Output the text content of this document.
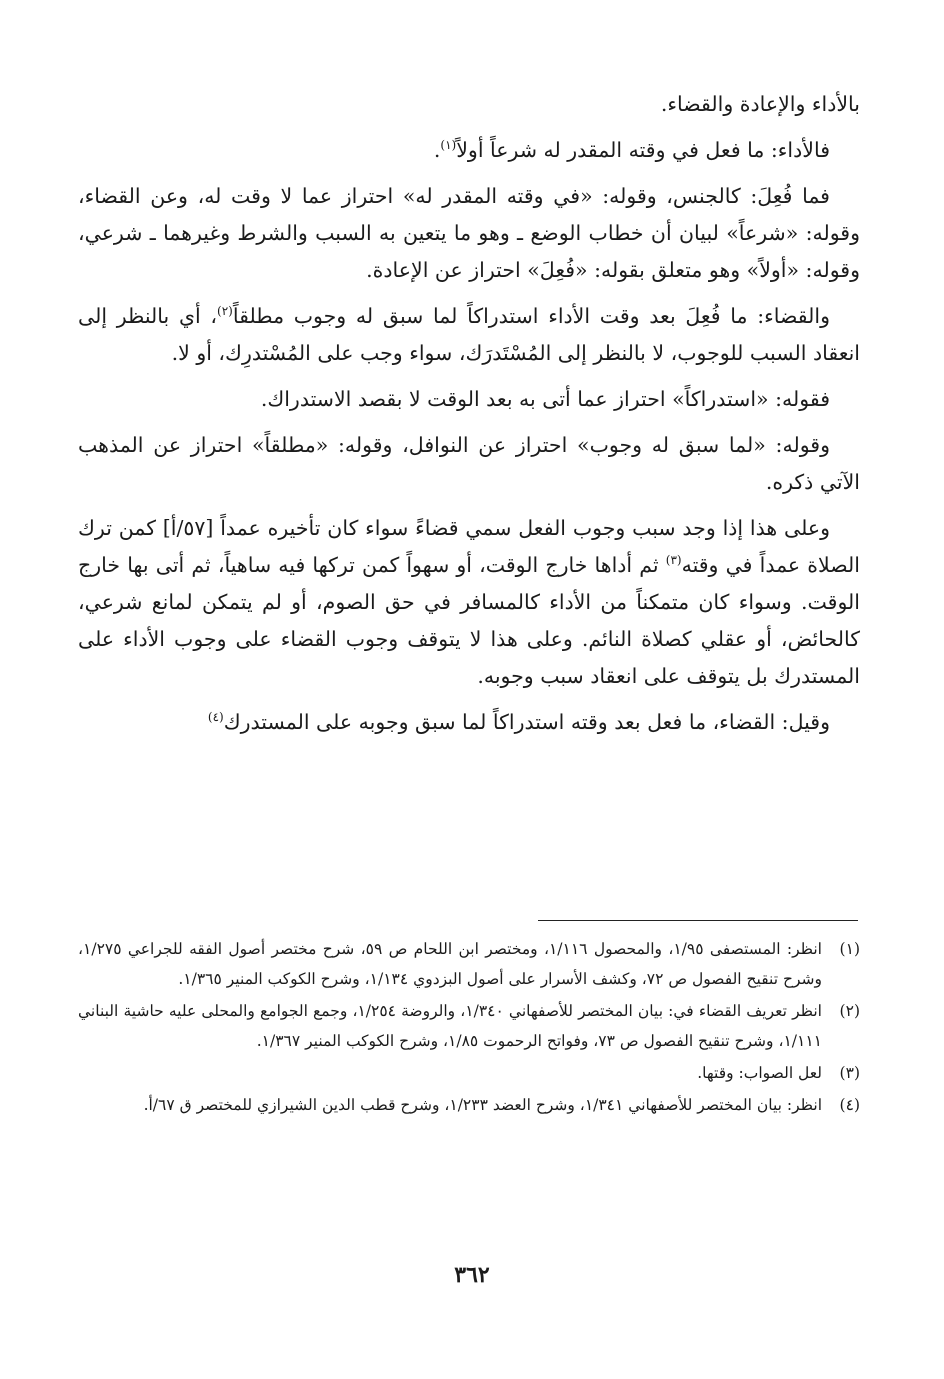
بالأداء والإعادة والقضاء.

فالأداء: ما فعل في وقته المقدر له شرعاً أولاً$^{(١)}$.

فما فُعِلَ: كالجنس، وقوله: «في وقته المقدر له» احتراز عما لا وقت له، وعن القضاء، وقوله: «شرعاً» لبيان أن خطاب الوضع ـ وهو ما يتعين به السبب والشرط وغيرهما ـ شرعي، وقوله: «أولاً» وهو متعلق بقوله: «فُعِلَ» احتراز عن الإعادة.

والقضاء: ما فُعِلَ بعد وقت الأداء استدراكاً لما سبق له وجوب مطلقاً$^{(٢)}$، أي بالنظر إلى انعقاد السبب للوجوب، لا بالنظر إلى المُسْتَدرَك، سواء وجب على المُسْتدرِك، أو لا.

فقوله: «استدراكاً» احتراز عما أتى به بعد الوقت لا بقصد الاستدراك.

وقوله: «لما سبق له وجوب» احتراز عن النوافل، وقوله: «مطلقاً» احتراز عن المذهب الآتي ذكره.

وعلى هذا إذا وجد سبب وجوب الفعل سمي قضاءً سواء كان تأخيره عمداً [٥٧/أ] كمن ترك الصلاة عمداً في وقته$^{(٣)}$ ثم أداها خارج الوقت، أو سهواً كمن تركها فيه ساهياً، ثم أتى بها خارج الوقت. وسواء كان متمكناً من الأداء كالمسافر في حق الصوم، أو لم يتمكن لمانع شرعي، كالحائض، أو عقلي كصلاة النائم. وعلى هذا لا يتوقف وجوب القضاء على وجوب الأداء على المستدرك بل يتوقف على انعقاد سبب وجوبه.

وقيل: القضاء، ما فعل بعد وقته استدراكاً لما سبق وجوبه على المستدرك$^{(٤)}$

(١)
انظر: المستصفى ١/٩٥، والمحصول ١/١١٦، ومختصر ابن اللحام ص ٥٩، شرح مختصر أصول الفقه للجراعي ١/٢٧٥، وشرح تنقيح الفصول ص ٧٢، وكشف الأسرار على أصول البزدوي ١/١٣٤، وشرح الكوكب المنير ١/٣٦٥.
(٢)
انظر تعريف القضاء في: بيان المختصر للأصفهاني ١/٣٤٠، والروضة ١/٢٥٤، وجمع الجوامع والمحلى عليه حاشية البناني ١/١١١، وشرح تنقيح الفصول ص ٧٣، وفواتح الرحموت ١/٨٥، وشرح الكوكب المنير ١/٣٦٧.
(٣)
لعل الصواب: وقتها.
(٤)
انظر: بيان المختصر للأصفهاني ١/٣٤١، وشرح العضد ١/٢٣٣، وشرح قطب الدين الشيرازي للمختصر ق ٦٧/أ.
٣٦٢
